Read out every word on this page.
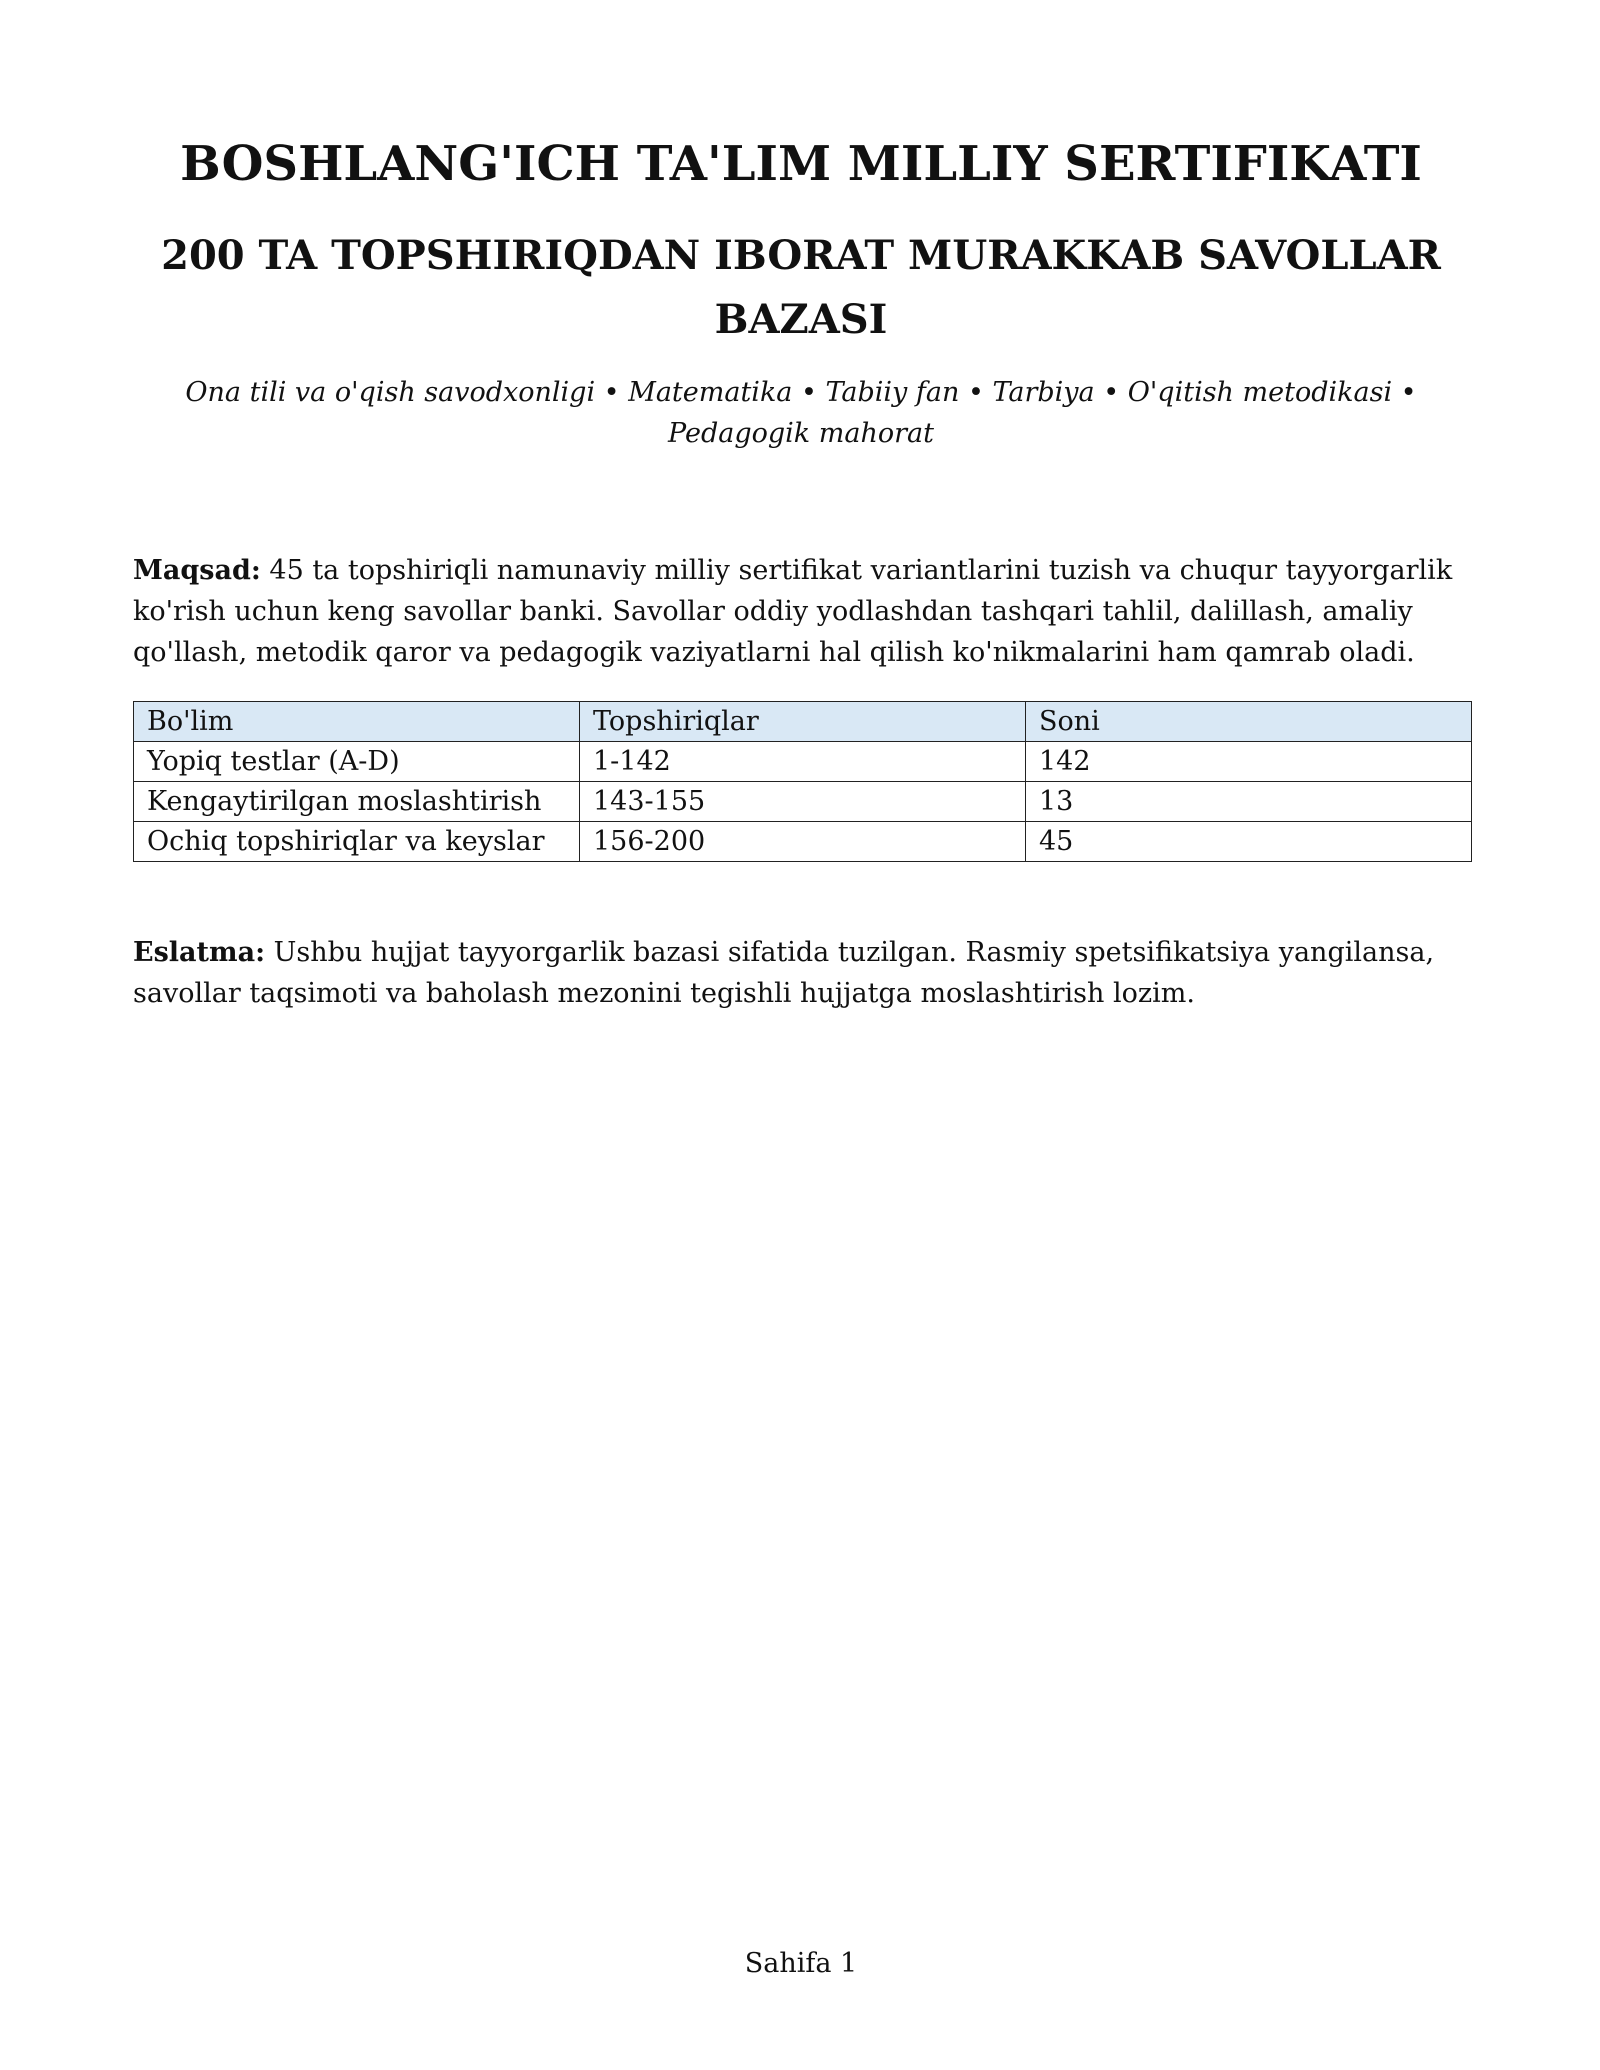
BOSHLANG'ICH TA'LIM MILLIY SERTIFIKATI
200 TA TOPSHIRIQDAN IBORAT MURAKKAB SAVOLLAR BAZASI

Ona tili va o'qish savodxonligi • Matematika • Tabiiy fan • Tarbiya • O'qitish metodikasi • Pedagogik mahorat

Maqsad: 45 ta topshiriqli namunaviy milliy sertifikat variantlarini tuzish va chuqur tayyorgarlik ko'rish uchun keng savollar banki. Savollar oddiy yodlashdan tashqari tahlil, dalillash, amaliy qo'llash, metodik qaror va pedagogik vaziyatlarni hal qilish ko'nikmalarini ham qamrab oladi.

Bo'lim	Topshiriqlar	Soni
Yopiq testlar (A-D)	1-142	142
Kengaytirilgan moslashtirish	143-155	13
Ochiq topshiriqlar va keyslar	156-200	45

Eslatma: Ushbu hujjat tayyorgarlik bazasi sifatida tuzilgan. Rasmiy spetsifikatsiya yangilansa, savollar taqsimoti va baholash mezonini tegishli hujjatga moslashtirish lozim.

Sahifa 1
